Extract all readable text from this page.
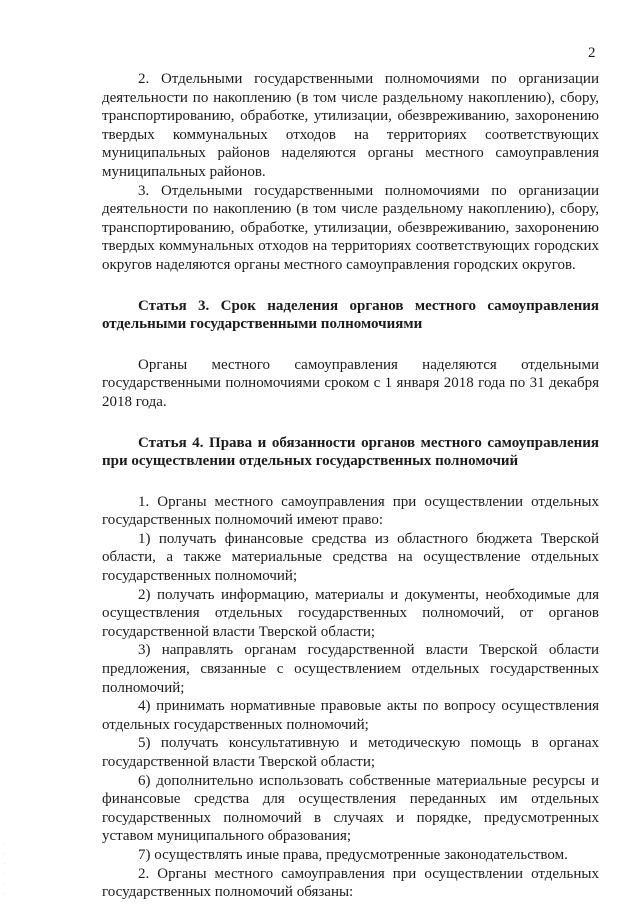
2

2. Отдельными государственными полномочиями по организации деятельности по накоплению (в том числе раздельному накоплению), сбору, транспортированию, обработке, утилизации, обезвреживанию, захоронению твердых коммунальных отходов на территориях соответствующих муниципальных районов наделяются органы местного самоуправления муниципальных районов.

3. Отдельными государственными полномочиями по организации деятельности по накоплению (в том числе раздельному накоплению), сбору, транспортированию, обработке, утилизации, обезвреживанию, захоронению твердых коммунальных отходов на территориях соответствующих городских округов наделяются органы местного самоуправления городских округов.

Статья 3. Срок наделения органов местного самоуправления отдельными государственными полномочиями

Органы местного самоуправления наделяются отдельными государственными полномочиями сроком с 1 января 2018 года по 31 декабря 2018 года.

Статья 4. Права и обязанности органов местного самоуправления при осуществлении отдельных государственных полномочий

1. Органы местного самоуправления при осуществлении отдельных государственных полномочий имеют право:

1) получать финансовые средства из областного бюджета Тверской области, а также материальные средства на осуществление отдельных государственных полномочий;

2) получать информацию, материалы и документы, необходимые для осуществления отдельных государственных полномочий, от органов государственной власти Тверской области;

3) направлять органам государственной власти Тверской области предложения, связанные с осуществлением отдельных государственных полномочий;

4) принимать нормативные правовые акты по вопросу осуществления отдельных государственных полномочий;

5) получать консультативную и методическую помощь в органах государственной власти Тверской области;

6) дополнительно использовать собственные материальные ресурсы и финансовые средства для осуществления переданных им отдельных государственных полномочий в случаях и порядке, предусмотренных уставом муниципального образования;

7) осуществлять иные права, предусмотренные законодательством.

2. Органы местного самоуправления при осуществлении отдельных государственных полномочий обязаны:

· · · · · ·
